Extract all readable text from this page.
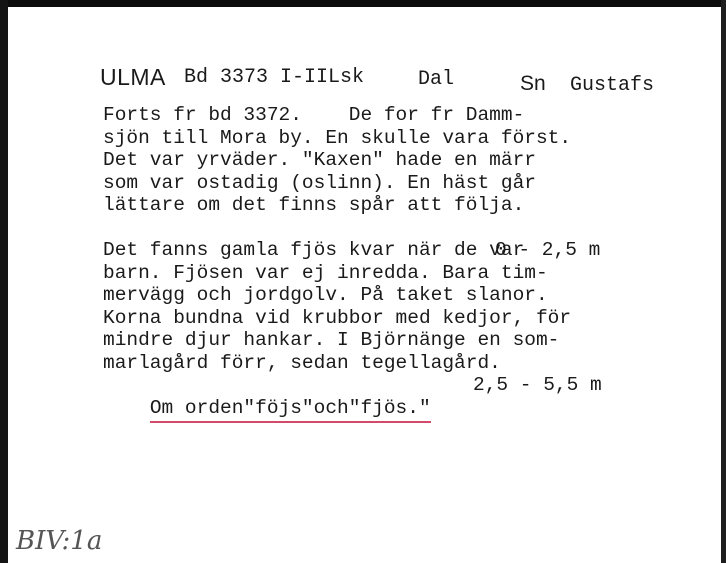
ULMA Bd 3373 I-IILsk	Dal	Sn Gustafs
Forts fr bd 3372.    De for fr Damm-
sjön till Mora by. En skulle vara först.
Det var yrväder. "Kaxen" hade en märr
som var ostadig (oslinn). En häst går
lättare om det finns spår att följa.

0 - 2,5 m

Det fanns gamla fjös kvar när de var
barn. Fjösen var ej inredda. Bara tim-
mervägg och jordgolv. På taket slanor.
Korna bundna vid krubbor med kedjor, för
mindre djur hankar. I Björnänge en som-
marlagård förr, sedan tegellagård.

Om orden"föjs"och"fjös."

2,5 - 5,5 m

BIV:1a
